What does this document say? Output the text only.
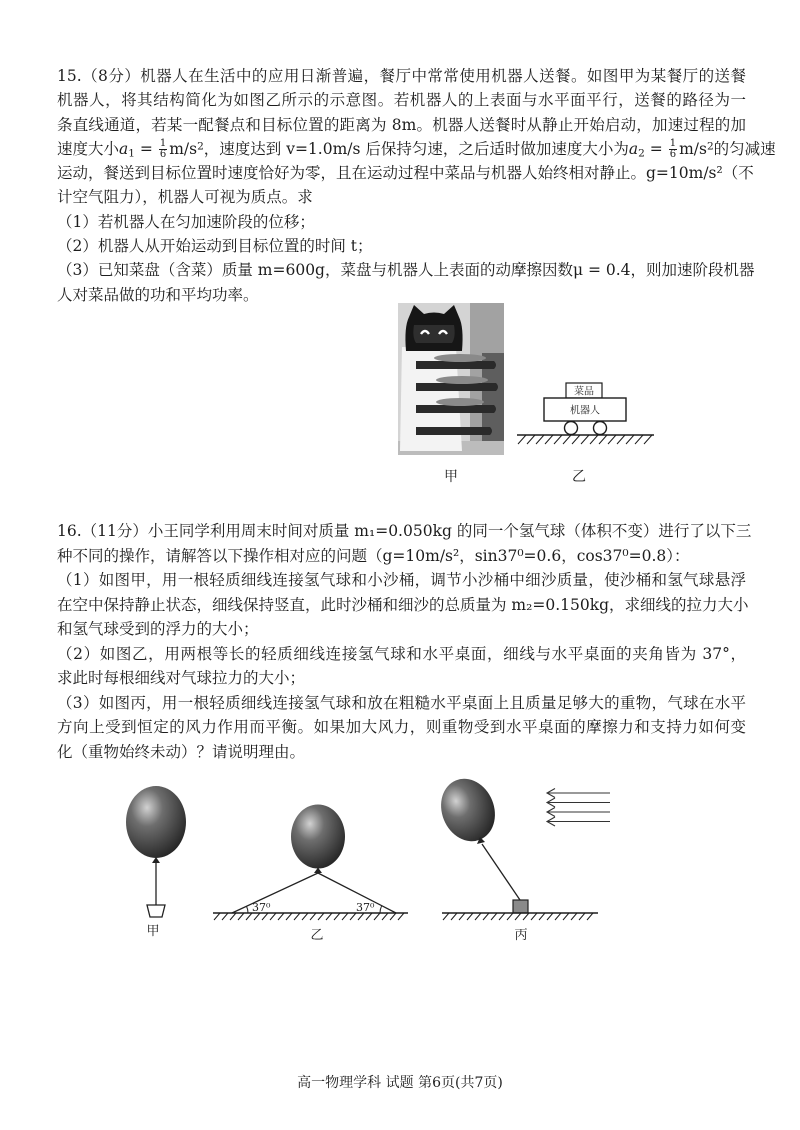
15.（8分）机器人在生活中的应用日渐普遍，餐厅中常常使用机器人送餐。如图甲为某餐厅的送餐
机器人，将其结构简化为如图乙所示的示意图。若机器人的上表面与水平面平行，送餐的路径为一
条直线通道，若某一配餐点和目标位置的距离为 8m。机器人送餐时从静止开始启动，加速过程的加
速度大小$a1 = \frac{1}{6} m/s^2$，速度达到 v=1.0m/s 后保持匀速，之后适时做加速度大小为$a2 = \frac{1}{6} m/s^2$的匀减速
运动，餐送到目标位置时速度恰好为零，且在运动过程中菜品与机器人始终相对静止。g=10m/s²（不
计空气阻力），机器人可视为质点。求
（1）若机器人在匀加速阶段的位移；
（2）机器人从开始运动到目标位置的时间 t；
（3）已知菜盘（含菜）质量 m=600g，菜盘与机器人上表面的动摩擦因数μ = 0.4，则加速阶段机器
人对菜品做的功和平均功率。
甲
菜品
机器人
乙
16.（11分）小王同学利用周末时间对质量 m₁=0.050kg 的同一个氢气球（体积不变）进行了以下三
种不同的操作，请解答以下操作相对应的问题（g=10m/s²，sin37⁰=0.6，cos37⁰=0.8）：
（1）如图甲，用一根轻质细线连接氢气球和小沙桶，调节小沙桶中细沙质量，使沙桶和氢气球悬浮
在空中保持静止状态，细线保持竖直，此时沙桶和细沙的总质量为 m₂=0.150kg，求细线的拉力大小
和氢气球受到的浮力的大小；
（2）如图乙，用两根等长的轻质细线连接氢气球和水平桌面，细线与水平桌面的夹角皆为 37°，
求此时每根细线对气球拉力的大小；
（3）如图丙，用一根轻质细线连接氢气球和放在粗糙水平桌面上且质量足够大的重物，气球在水平
方向上受到恒定的风力作用而平衡。如果加大风力，则重物受到水平桌面的摩擦力和支持力如何变
化（重物始终未动）？请说明理由。
甲
37⁰	37⁰
乙	丙
高一物理学科 试题 第6页(共7页)
